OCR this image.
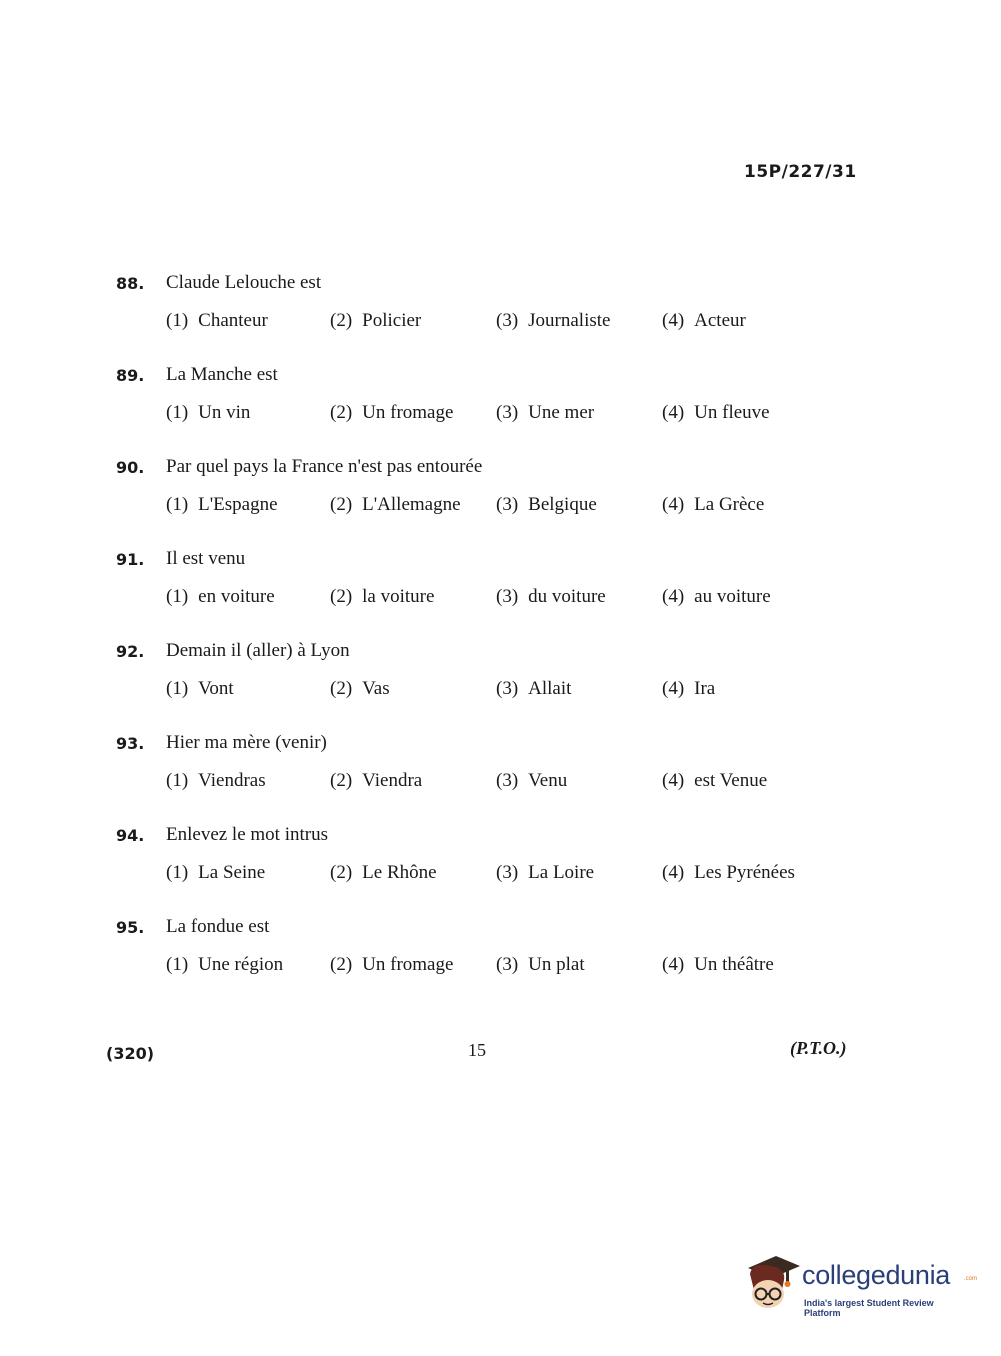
15P/227/31
88. Claude Lelouche est
(1) Chanteur	(2) Policier	(3) Journaliste	(4) Acteur
89. La Manche est
(1) Un vin	(2) Un fromage (3) Une mer	(4) Un fleuve
90. Par quel pays la France n'est pas entourée
(1) L'Espagne	(2) L'Allemagne (3) Belgique	(4) La Grèce
91. Il est venu
(1) en voiture	(2) la voiture	(3) du voiture	(4) au voiture
92. Demain il (aller) à Lyon
(1) Vont	(2) Vas	(3) Allait	(4) Ira
93. Hier ma mère (venir)
(1) Viendras	(2) Viendra	(3) Venu	(4) est Venue
94. Enlevez le mot intrus
(1) La Seine	(2) Le Rhône	(3) La Loire	(4) Les Pyrénées
95. La fondue est
(1) Une région (2) Un fromage (3) Un plat	(4) Un théâtre
(320)	15	(P.T.O.)
collegedunia .com
India's largest Student Review Platform
